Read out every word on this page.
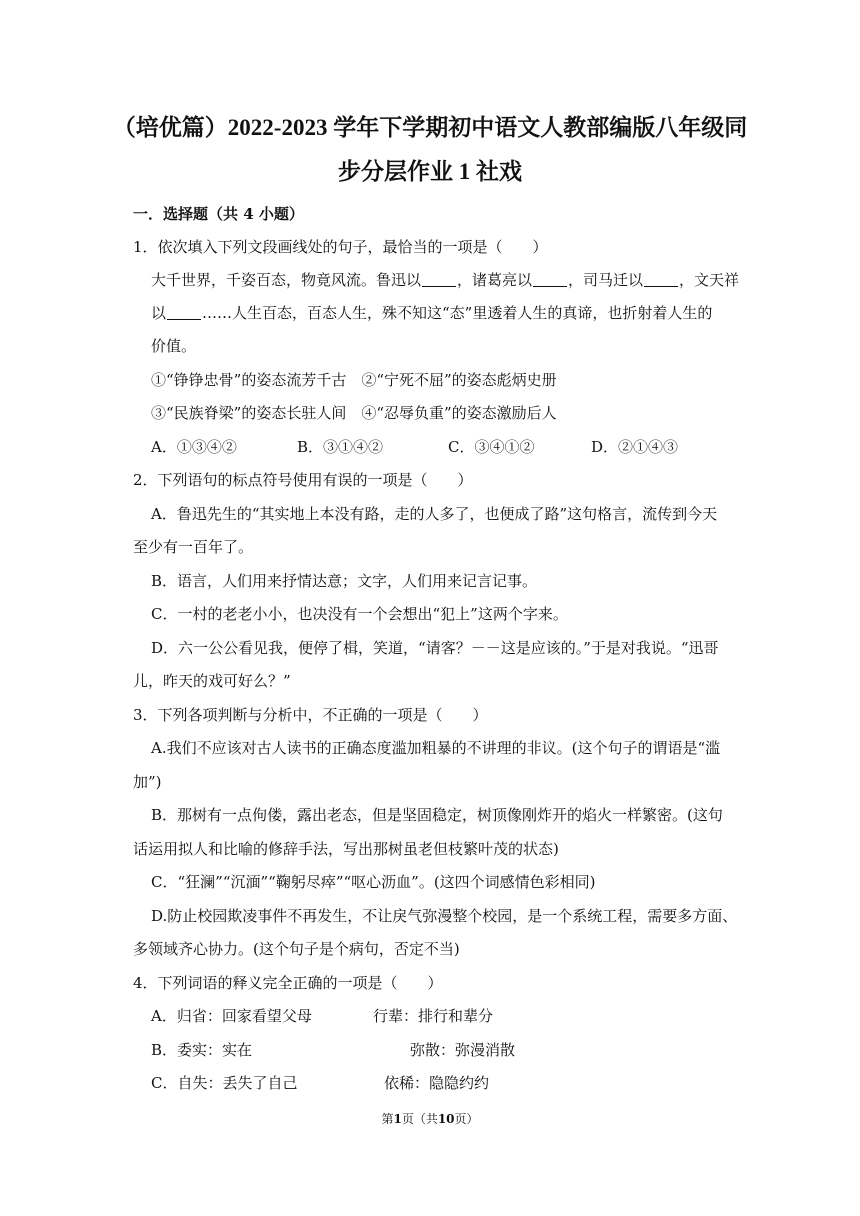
（培优篇）2022-2023 学年下学期初中语文人教部编版八年级同
步分层作业 1 社戏
一．选择题（共 4 小题）
1．依次填入下列文段画线处的句子，最恰当的一项是（　　）
大千世界，千姿百态，物竟风流。鲁迅以 ，诸葛亮以 ，司马迁以 ，文天祥
以 ……人生百态，百态人生，殊不知这“态”里透着人生的真谛，也折射着人生的
价值。
①“铮铮忠骨”的姿态流芳千古　②“宁死不屈”的姿态彪炳史册
③“民族脊梁”的姿态长驻人间　④“忍辱负重”的姿态激励后人
A．①③④②	B．③①④②	C．③④①②	D．②①④③
2．下列语句的标点符号使用有误的一项是（　　）
A．鲁迅先生的“其实地上本没有路，走的人多了，也便成了路”这句格言，流传到今天
至少有一百年了。
B．语言，人们用来抒情达意；文字，人们用来记言记事。
C．一村的老老小小，也决没有一个会想出“犯上”这两个字来。
D．六一公公看见我，便停了楫，笑道，“请客？－－这是应该的。”于是对我说。“迅哥
儿，昨天的戏可好么？”
3．下列各项判断与分析中，不正确的一项是（　　）
A.我们不应该对古人读书的正确态度滥加粗暴的不讲理的非议。(这个句子的谓语是“滥
加”)
B．那树有一点佝偻，露出老态，但是坚固稳定，树顶像刚炸开的焰火一样繁密。(这句
话运用拟人和比喻的修辞手法，写出那树虽老但枝繁叶茂的状态)
C．“狂澜”“沉湎”“鞠躬尽瘁”“呕心沥血”。(这四个词感情色彩相同)
D.防止校园欺凌事件不再发生，不让戾气弥漫整个校园，是一个系统工程，需要多方面、
多领域齐心协力。(这个句子是个病句，否定不当)
4．下列词语的释义完全正确的一项是（　　）
A．归省：回家看望父母	行辈：排行和辈分
B．委实：实在	弥散：弥漫消散
C．自失：丢失了自己	依稀：隐隐约约
第1页（共10页）
